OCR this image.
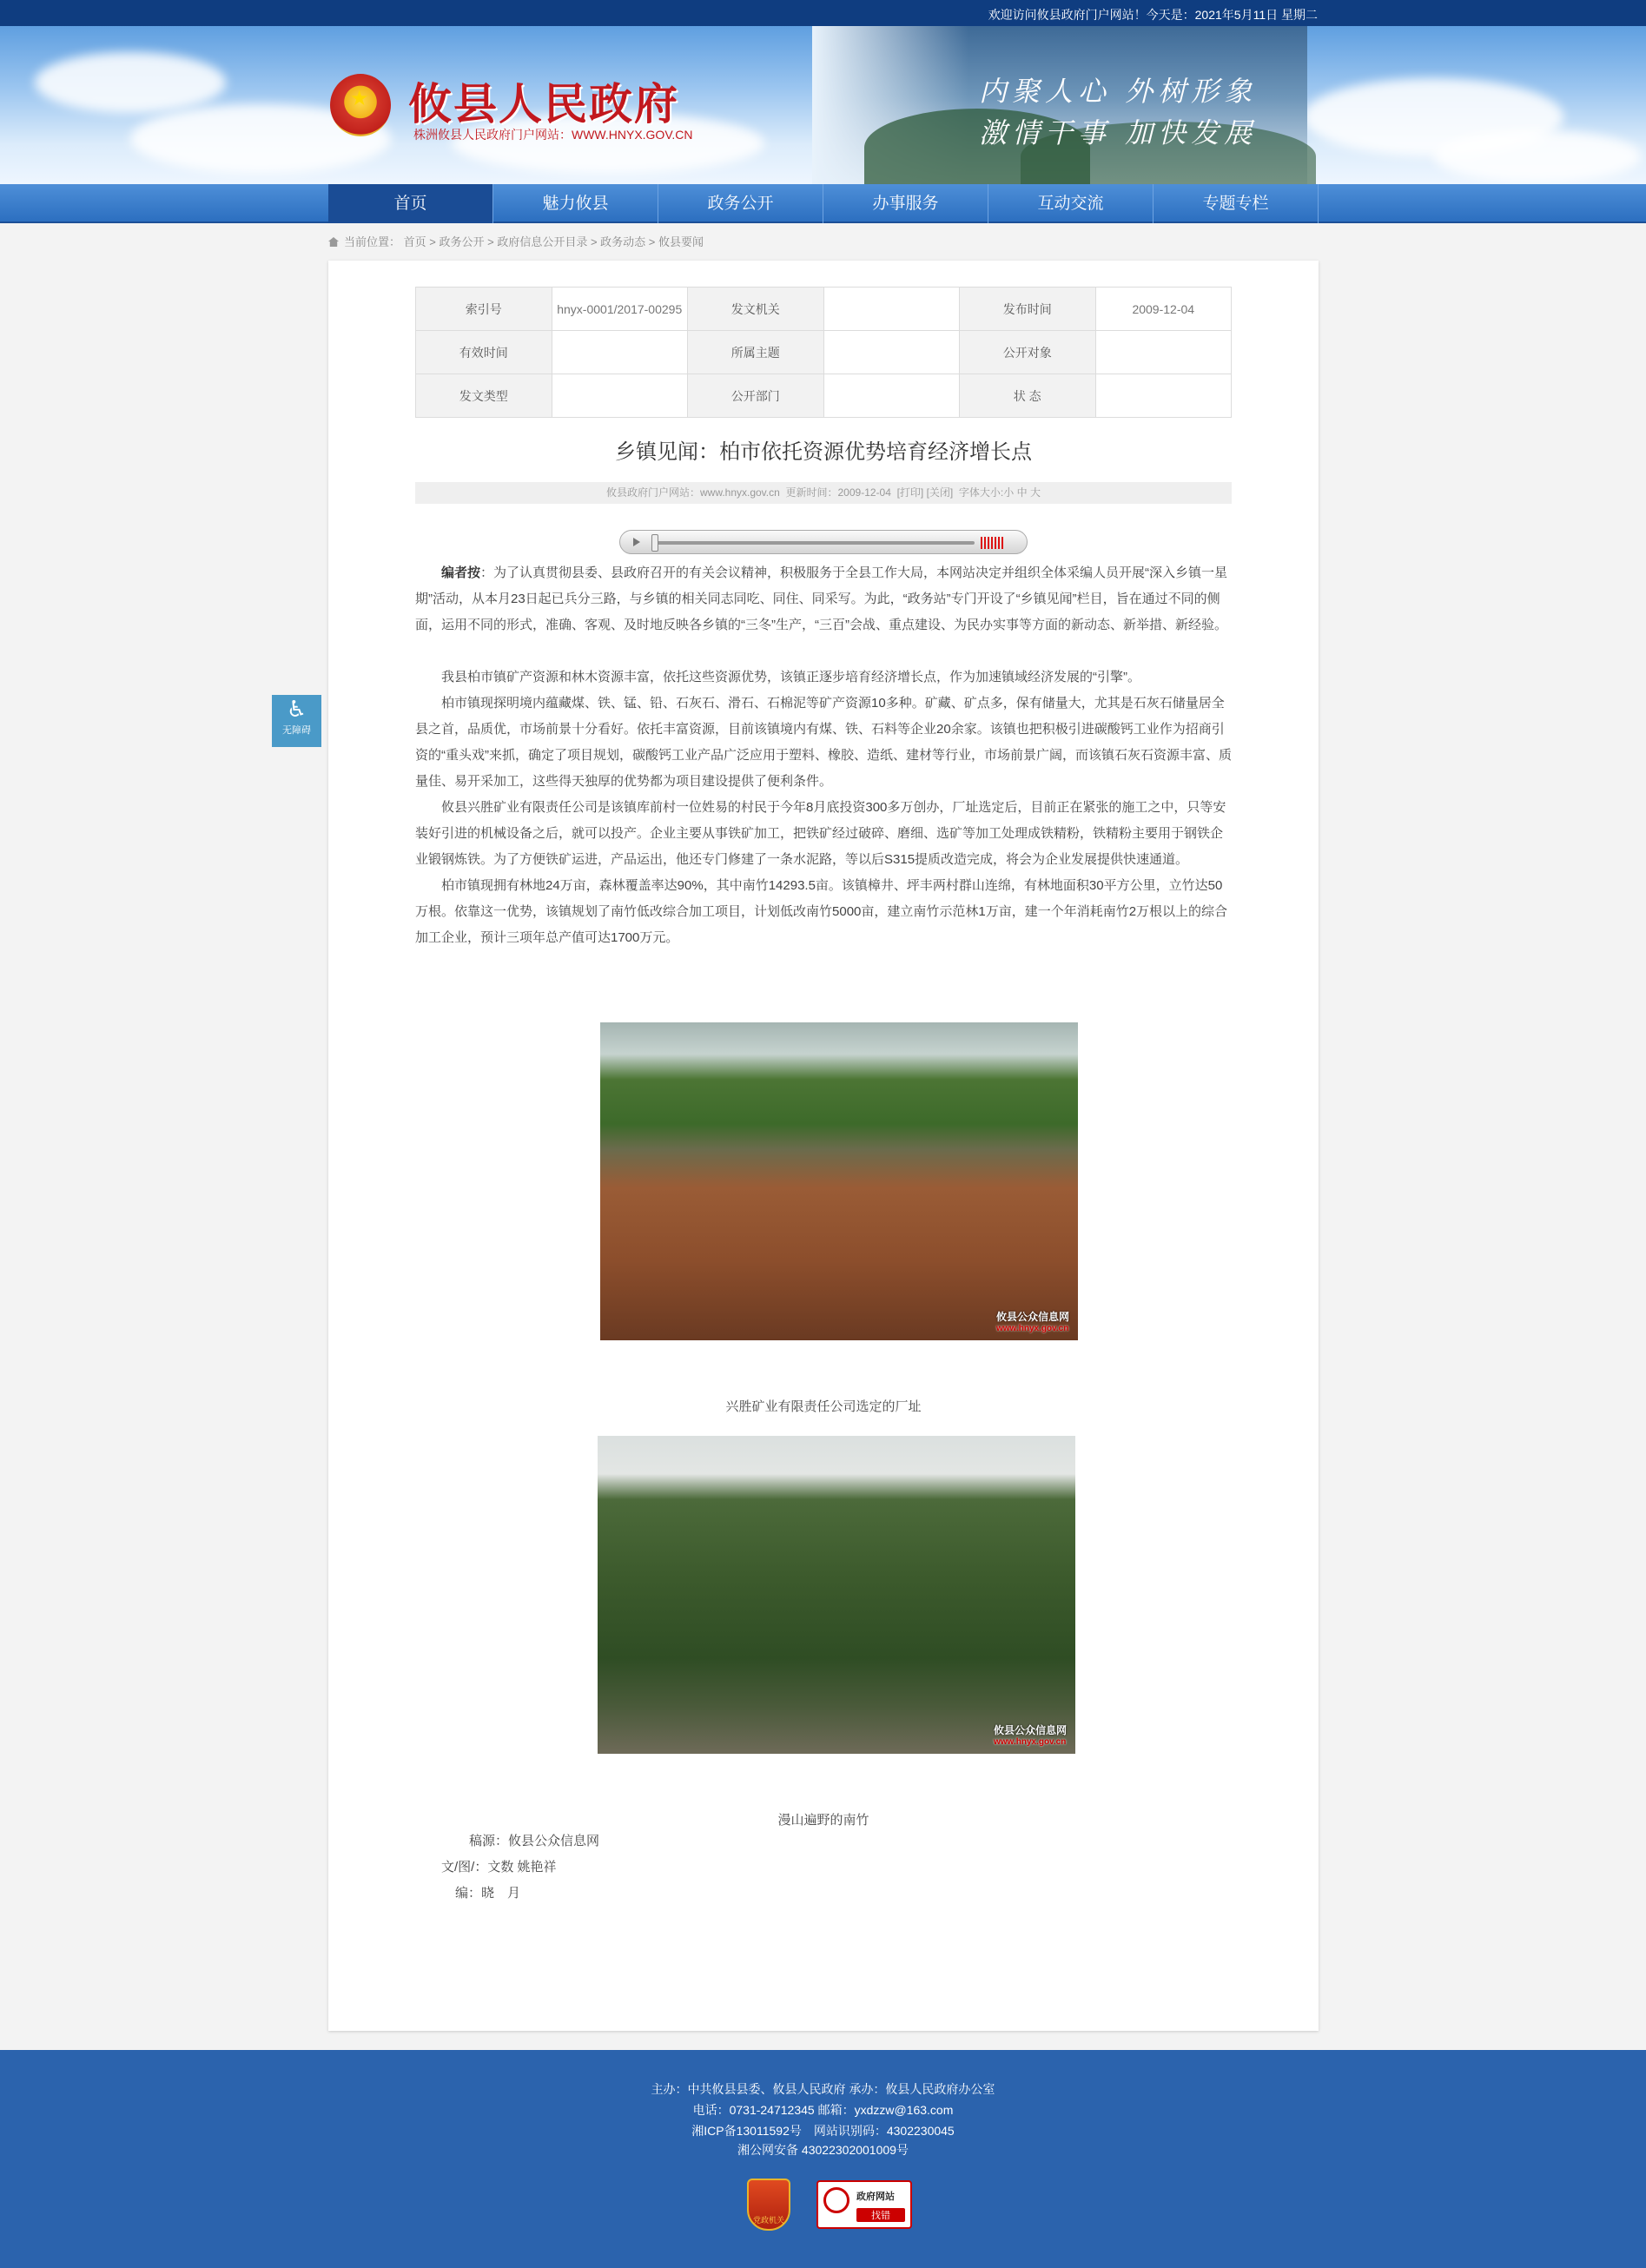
欢迎访问攸县政府门户网站！今天是：2021年5月11日 星期二
内聚人心 外树形象
激情干事 加快发展
★
攸县人民政府
株洲攸县人民政府门户网站：WWW.HNYX.GOV.CN
首页	魅力攸县	政务公开	办事服务	互动交流	专题专栏
当前位置： 首页 > 政务公开 > 政府信息公开目录 > 政务动态 > 攸县要闻
索引号	hnyx-0001/2017-00295	发文机关		发布时间	2009-12-04
有效时间		所属主题		公开对象	
发文类型		公开部门		状 态	
乡镇见闻：柏市依托资源优势培育经济增长点
攸县政府门户网站：www.hnyx.gov.cn 更新时间：2009-12-04 [打印] [关闭] 字体大小:小 中 大

编者按：为了认真贯彻县委、县政府召开的有关会议精神，积极服务于全县工作大局，本网站决定并组织全体采编人员开展“深入乡镇一星期”活动，从本月23日起已兵分三路，与乡镇的相关同志同吃、同住、同采写。为此，“政务站”专门开设了“乡镇见闻”栏目，旨在通过不同的侧面，运用不同的形式，准确、客观、及时地反映各乡镇的“三冬”生产，“三百”会战、重点建设、为民办实事等方面的新动态、新举措、新经验。

我县柏市镇矿产资源和林木资源丰富，依托这些资源优势，该镇正逐步培育经济增长点，作为加速镇域经济发展的“引擎”。

柏市镇现探明境内蕴藏煤、铁、锰、铅、石灰石、滑石、石棉泥等矿产资源10多种。矿藏、矿点多，保有储量大，尤其是石灰石储量居全县之首，品质优，市场前景十分看好。依托丰富资源，目前该镇境内有煤、铁、石料等企业20余家。该镇也把积极引进碳酸钙工业作为招商引资的“重头戏”来抓，确定了项目规划，碳酸钙工业产品广泛应用于塑料、橡胶、造纸、建材等行业，市场前景广阔，而该镇石灰石资源丰富、质量佳、易开采加工，这些得天独厚的优势都为项目建设提供了便利条件。

攸县兴胜矿业有限责任公司是该镇库前村一位姓易的村民于今年8月底投资300多万创办，厂址选定后，目前正在紧张的施工之中，只等安装好引进的机械设备之后，就可以投产。企业主要从事铁矿加工，把铁矿经过破碎、磨细、选矿等加工处理成铁精粉，铁精粉主要用于钢铁企业锻钢炼铁。为了方便铁矿运进，产品运出，他还专门修建了一条水泥路，等以后S315提质改造完成，将会为企业发展提供快速通道。

柏市镇现拥有林地24万亩，森林覆盖率达90%，其中南竹14293.5亩。该镇樟井、坪丰两村群山连绵，有林地面积30平方公里，立竹达50万根。依靠这一优势，该镇规划了南竹低改综合加工项目，计划低改南竹5000亩，建立南竹示范林1万亩，建一个年消耗南竹2万根以上的综合加工企业，预计三项年总产值可达1700万元。

攸县公众信息网
www.hnyx.gov.cn
兴胜矿业有限责任公司选定的厂址
攸县公众信息网
www.hnyx.gov.cn
漫山遍野的南竹
稿源：攸县公众信息网
文/图/：文数 姚艳祥
编：晓　月

♿
无障碍

主办：中共攸县县委、攸县人民政府 承办：攸县人民政府办公室

电话：0731-24712345 邮箱：yxdzzw@163.com

湘ICP备13011592号　网站识别码：4302230045

湘公网安备 43022302001009号

党政机关
政府网站
找错
